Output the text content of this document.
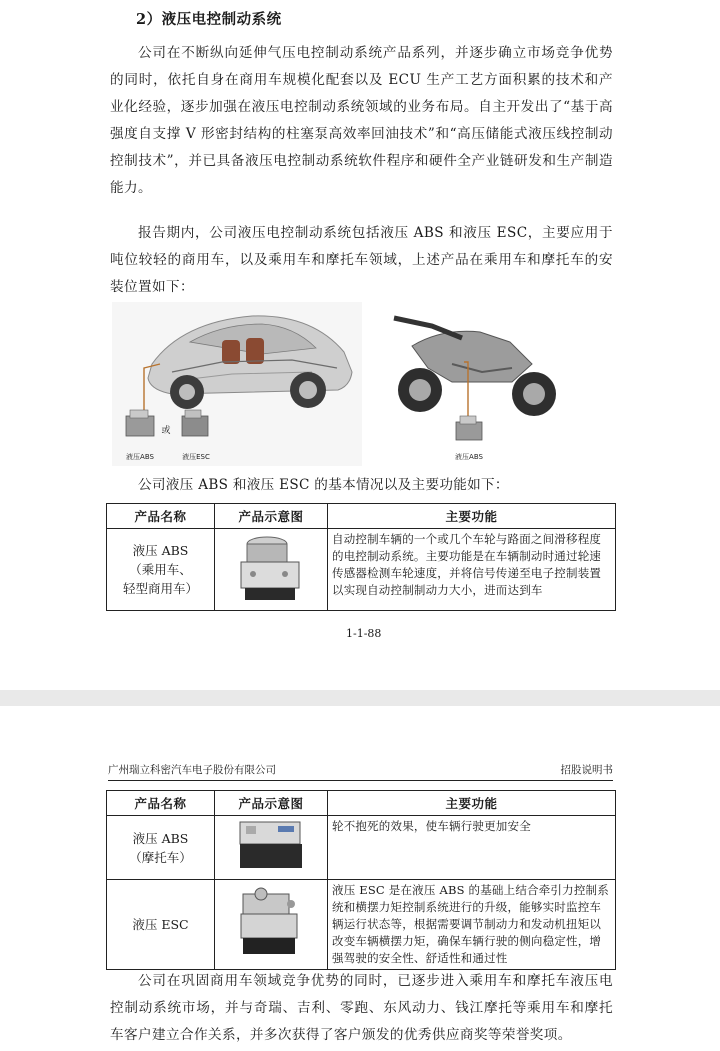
2）液压电控制动系统

公司在不断纵向延伸气压电控制动系统产品系列，并逐步确立市场竞争优势的同时，依托自身在商用车规模化配套以及 ECU 生产工艺方面积累的技术和产业化经验，逐步加强在液压电控制动系统领域的业务布局。自主开发出了“基于高强度自支撑 V 形密封结构的柱塞泵高效率回油技术”和“高压储能式液压线控制动控制技术”，并已具备液压电控制动系统软件程序和硬件全产业链研发和生产制造能力。

报告期内，公司液压电控制动系统包括液压 ABS 和液压 ESC，主要应用于吨位较轻的商用车，以及乘用车和摩托车领域，上述产品在乘用车和摩托车的安装位置如下：

液压ABS
或
液压ESC	液压ABS
公司液压 ABS 和液压 ESC 的基本情况以及主要功能如下：
产品名称	产品示意图	主要功能

液压 ABS
（乘用车、
轻型商用车）		自动控制车辆的一个或几个车轮与路面之间滑移程度的电控制动系统。主要功能是在车辆制动时通过轮速传感器检测车轮速度，并将信号传递至电子控制装置以实现自动控制制动力大小，进而达到车
1-1-88
广州瑞立科密汽车电子股份有限公司	招股说明书
产品名称	产品示意图	主要功能

液压 ABS
（摩托车）		轮不抱死的效果，使车辆行驶更加安全

液压 ESC		液压 ESC 是在液压 ABS 的基础上结合牵引力控制系统和横摆力矩控制系统进行的升级，能够实时监控车辆运行状态等，根据需要调节制动力和发动机扭矩以改变车辆横摆力矩，确保车辆行驶的侧向稳定性，增强驾驶的安全性、舒适性和通过性

公司在巩固商用车领域竞争优势的同时，已逐步进入乘用车和摩托车液压电控制动系统市场，并与奇瑞、吉利、零跑、东风动力、钱江摩托等乘用车和摩托车客户建立合作关系，并多次获得了客户颁发的优秀供应商奖等荣誉奖项。
